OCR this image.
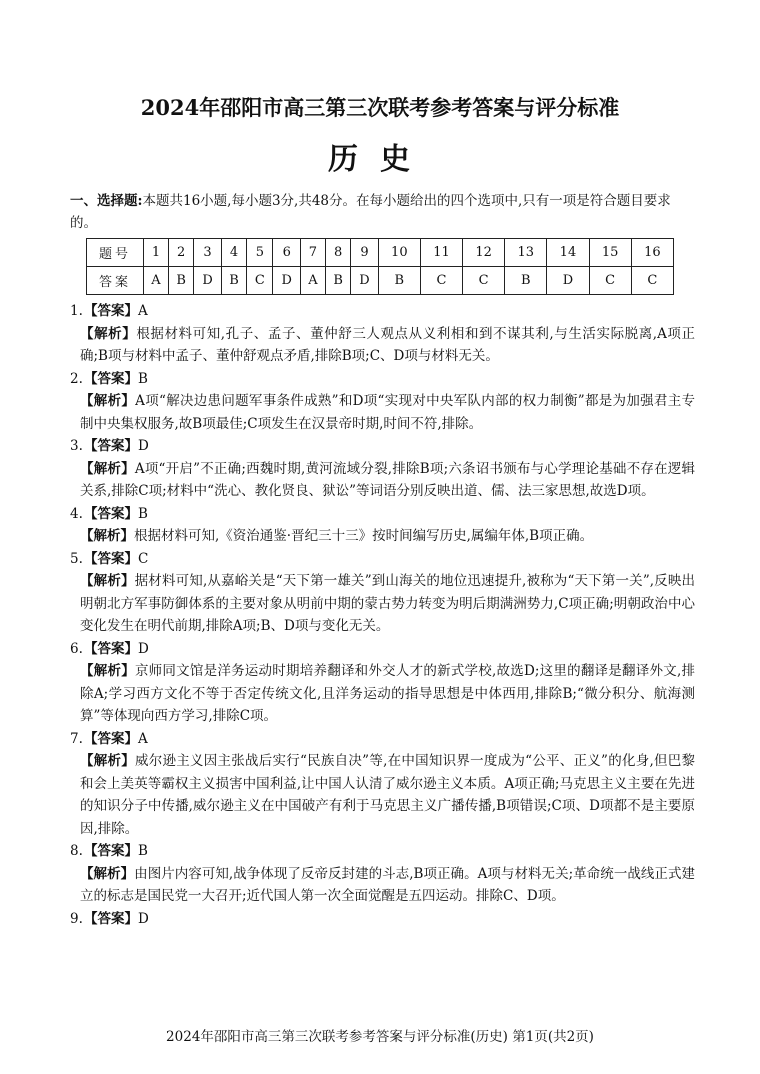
2024年邵阳市高三第三次联考参考答案与评分标准
历史
一、选择题:本题共16小题,每小题3分,共48分。在每小题给出的四个选项中,只有一项是符合题目要求的。
题号	1	2	3	4	5	6	7	8	9	10	11	12	13	14	15	16
答案	A	B	D	B	C	D	A	B	D	B	C	C	B	D	C	C
1. 【答案】 A
【解析】根据材料可知,孔子、孟子、董仲舒三人观点从义利相和到不谋其利,与生活实际脱离,A项正确;B项与材料中孟子、董仲舒观点矛盾,排除B项;C、D项与材料无关。
2. 【答案】 B
【解析】A项“解决边患问题军事条件成熟”和D项“实现对中央军队内部的权力制衡”都是为加强君主专制中央集权服务,故B项最佳;C项发生在汉景帝时期,时间不符,排除。
3. 【答案】 D
【解析】A项“开启”不正确;西魏时期,黄河流域分裂,排除B项;六条诏书颁布与心学理论基础不存在逻辑关系,排除C项;材料中“洗心、教化贤良、狱讼”等词语分别反映出道、儒、法三家思想,故选D项。
4. 【答案】 B
【解析】根据材料可知,《资治通鉴·晋纪三十三》按时间编写历史,属编年体,B项正确。
5. 【答案】 C
【解析】据材料可知,从嘉峪关是“天下第一雄关”到山海关的地位迅速提升,被称为“天下第一关”,反映出明朝北方军事防御体系的主要对象从明前中期的蒙古势力转变为明后期满洲势力,C项正确;明朝政治中心变化发生在明代前期,排除A项;B、D项与变化无关。
6. 【答案】 D
【解析】京师同文馆是洋务运动时期培养翻译和外交人才的新式学校,故选D;这里的翻译是翻译外文,排除A;学习西方文化不等于否定传统文化,且洋务运动的指导思想是中体西用,排除B;“微分积分、航海测算”等体现向西方学习,排除C项。
7. 【答案】 A
【解析】威尔逊主义因主张战后实行“民族自决”等,在中国知识界一度成为“公平、正义”的化身,但巴黎和会上美英等霸权主义损害中国利益,让中国人认清了威尔逊主义本质。A项正确;马克思主义主要在先进的知识分子中传播,威尔逊主义在中国破产有利于马克思主义广播传播,B项错误;C项、D项都不是主要原因,排除。
8. 【答案】 B
【解析】由图片内容可知,战争体现了反帝反封建的斗志,B项正确。A项与材料无关;革命统一战线正式建立的标志是国民党一大召开;近代国人第一次全面觉醒是五四运动。排除C、D项。
9. 【答案】 D
2024年邵阳市高三第三次联考参考答案与评分标准(历史) 第1页(共2页)
